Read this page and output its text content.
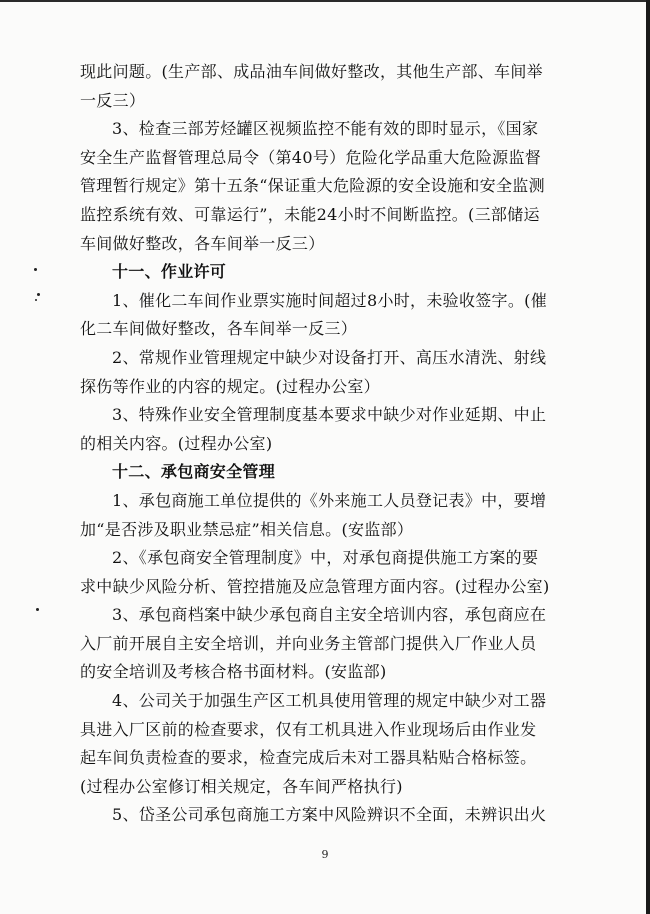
现此问题。(生产部、成品油车间做好整改，其他生产部、车间举

一反三）

3、检查三部芳烃罐区视频监控不能有效的即时显示，《国家

安全生产监督管理总局令（第40号）危险化学品重大危险源监督

管理暂行规定》第十五条“保证重大危险源的安全设施和安全监测

监控系统有效、可靠运行”，未能24小时不间断监控。(三部储运

车间做好整改，各车间举一反三）

十一、作业许可

1、催化二车间作业票实施时间超过8小时，未验收签字。(催

化二车间做好整改，各车间举一反三）

2、常规作业管理规定中缺少对设备打开、高压水清洗、射线

探伤等作业的内容的规定。(过程办公室）

3、特殊作业安全管理制度基本要求中缺少对作业延期、中止

的相关内容。(过程办公室)

十二、承包商安全管理

1、承包商施工单位提供的《外来施工人员登记表》中，要增

加“是否涉及职业禁忌症”相关信息。(安监部）

2、《承包商安全管理制度》中，对承包商提供施工方案的要

求中缺少风险分析、管控措施及应急管理方面内容。(过程办公室)

3、承包商档案中缺少承包商自主安全培训内容，承包商应在

入厂前开展自主安全培训，并向业务主管部门提供入厂作业人员

的安全培训及考核合格书面材料。(安监部)

4、公司关于加强生产区工机具使用管理的规定中缺少对工器

具进入厂区前的检查要求，仅有工机具进入作业现场后由作业发

起车间负责检查的要求，检查完成后未对工器具粘贴合格标签。

(过程办公室修订相关规定，各车间严格执行)

5、岱圣公司承包商施工方案中风险辨识不全面，未辨识出火

9
